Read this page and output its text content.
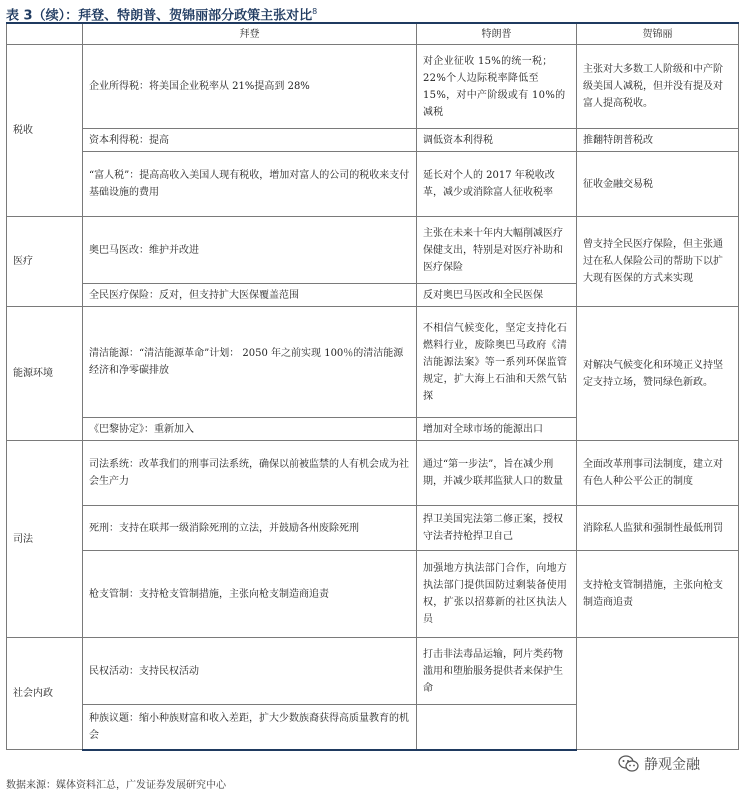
表 3（续）：拜登、特朗普、贺锦丽部分政策主张对比$^8$
	拜登	特朗普	贺锦丽
税收	企业所得税：将美国企业税率从 21%提高到 28%	对企业征收 15%的统一税；22%个人边际税率降低至 15%，对中产阶级或有 10%的减税	主张对大多数工人阶级和中产阶级美国人减税，但并没有提及对富人提高税收。
	资本利得税：提高	调低资本利得税	推翻特朗普税改
	“富人税”：提高高收入美国人现有税收，增加对富人的公司的税收来支付基础设施的费用	延长对个人的 2017 年税收改革，减少或消除富人征收税率	征收金融交易税
医疗	奥巴马医改：维护并改进	主张在未来十年内大幅削减医疗保健支出，特别是对医疗补助和医疗保险	曾支持全民医疗保险，但主张通过在私人保险公司的帮助下以扩大现有医保的方式来实现
	全民医疗保险：反对，但支持扩大医保覆盖范围	反对奥巴马医改和全民医保	
能源环境	清洁能源：“清洁能源革命”计划： 2050 年之前实现 100％的清洁能源经济和净零碳排放	不相信气候变化，坚定支持化石燃料行业，废除奥巴马政府《清洁能源法案》等一系列环保监管规定，扩大海上石油和天然气钻探	对解决气候变化和环境正义持坚定支持立场，赞同绿色新政。
	《巴黎协定》：重新加入	增加对全球市场的能源出口	
司法	司法系统：改革我们的刑事司法系统，确保以前被监禁的人有机会成为社会生产力	通过“第一步法”，旨在减少刑期，并减少联邦监狱人口的数量	全面改革刑事司法制度，建立对有色人种公平公正的制度
	死刑：支持在联邦一级消除死刑的立法，并鼓励各州废除死刑	捍卫美国宪法第二修正案，授权守法者持枪捍卫自己	消除私人监狱和强制性最低刑罚
	枪支管制：支持枪支管制措施，主张向枪支制造商追责	加强地方执法部门合作，向地方执法部门提供国防过剩装备使用权，扩张以招募新的社区执法人员	支持枪支管制措施，主张向枪支制造商追责
社会内政	民权活动：支持民权活动	打击非法毒品运输，阿片类药物滥用和堕胎服务提供者来保护生命	
	种族议题：缩小种族财富和收入差距，扩大少数族裔获得高质量教育的机会		
数据来源：媒体资料汇总，广发证券发展研究中心
静观金融
